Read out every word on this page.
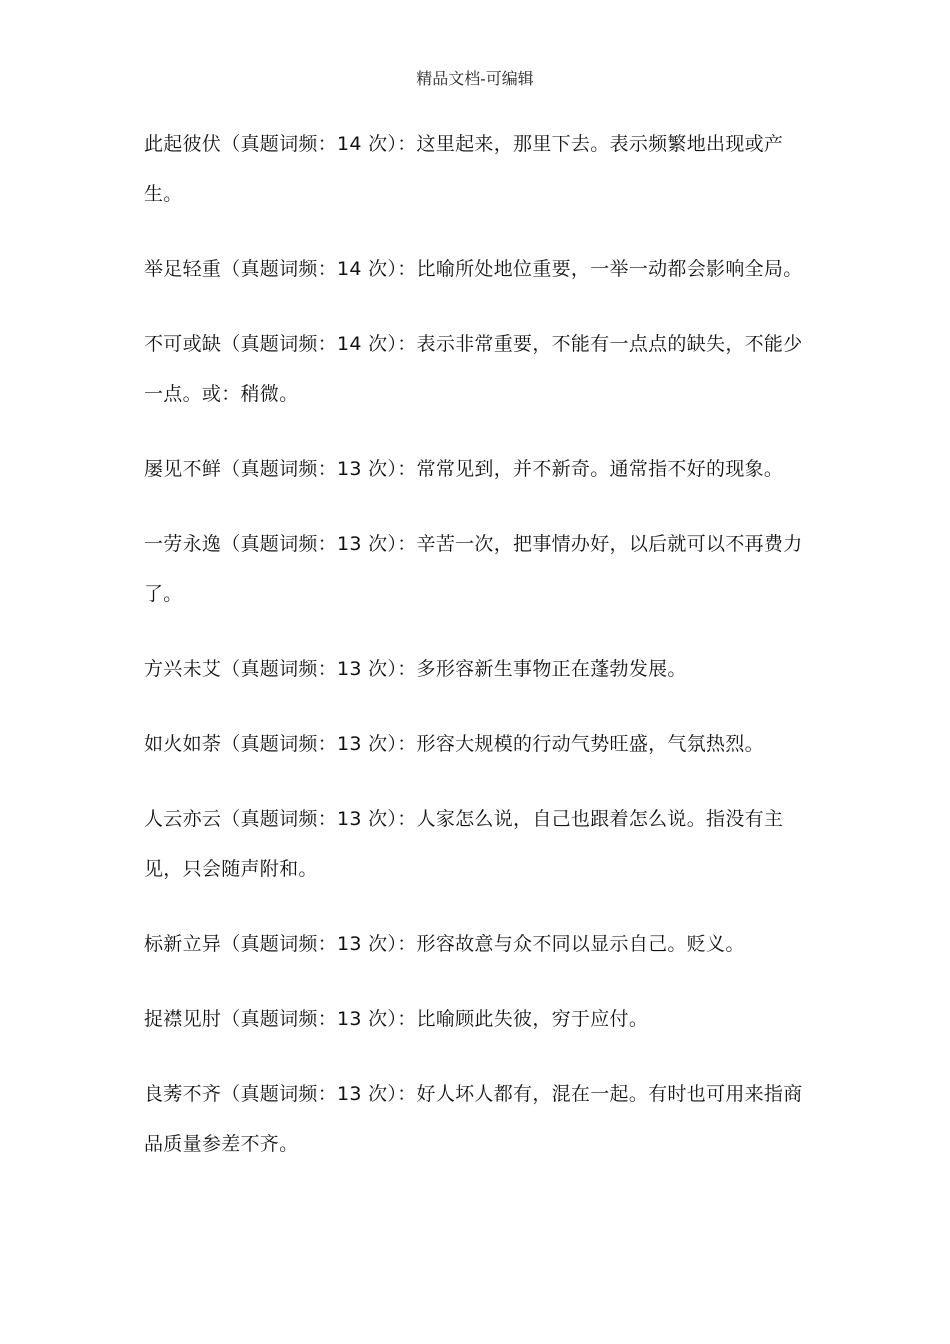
精品文档-可编辑

此起彼伏（真题词频：14 次）：这里起来，那里下去。表示频繁地出现或产生。

举足轻重（真题词频：14 次）：比喻所处地位重要，一举一动都会影响全局。

不可或缺（真题词频：14 次）：表示非常重要，不能有一点点的缺失，不能少一点。或：稍微。

屡见不鲜（真题词频：13 次）：常常见到，并不新奇。通常指不好的现象。

一劳永逸（真题词频：13 次）：辛苦一次，把事情办好，以后就可以不再费力了。

方兴未艾（真题词频：13 次）：多形容新生事物正在蓬勃发展。

如火如荼（真题词频：13 次）：形容大规模的行动气势旺盛，气氛热烈。

人云亦云（真题词频：13 次）：人家怎么说，自己也跟着怎么说。指没有主见，只会随声附和。

标新立异（真题词频：13 次）：形容故意与众不同以显示自己。贬义。

捉襟见肘（真题词频：13 次）：比喻顾此失彼，穷于应付。

良莠不齐（真题词频：13 次）：好人坏人都有，混在一起。有时也可用来指商品质量参差不齐。
